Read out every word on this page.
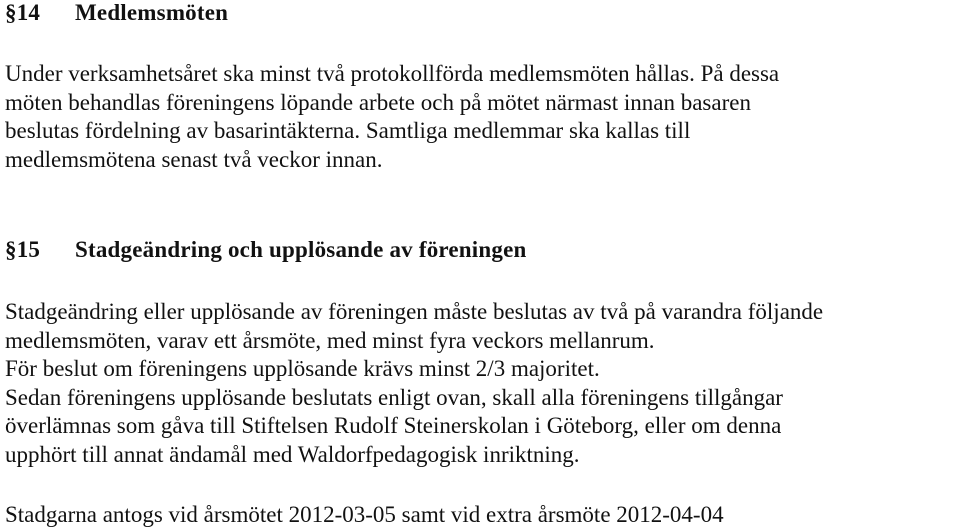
§14 Medlemsmöten
Under verksamhetsåret ska minst två protokollförda medlemsmöten hållas. På dessa
möten behandlas föreningens löpande arbete och på mötet närmast innan basaren
beslutas fördelning av basarintäkterna. Samtliga medlemmar ska kallas till
medlemsmötena senast två veckor innan.
§15 Stadgeändring och upplösande av föreningen
Stadgeändring eller upplösande av föreningen måste beslutas av två på varandra följande
medlemsmöten, varav ett årsmöte, med minst fyra veckors mellanrum.
För beslut om föreningens upplösande krävs minst 2/3 majoritet.
Sedan föreningens upplösande beslutats enligt ovan, skall alla föreningens tillgångar
överlämnas som gåva till Stiftelsen Rudolf Steinerskolan i Göteborg, eller om denna
upphört till annat ändamål med Waldorfpedagogisk inriktning.
Stadgarna antogs vid årsmötet 2012-03-05 samt vid extra årsmöte 2012-04-04
